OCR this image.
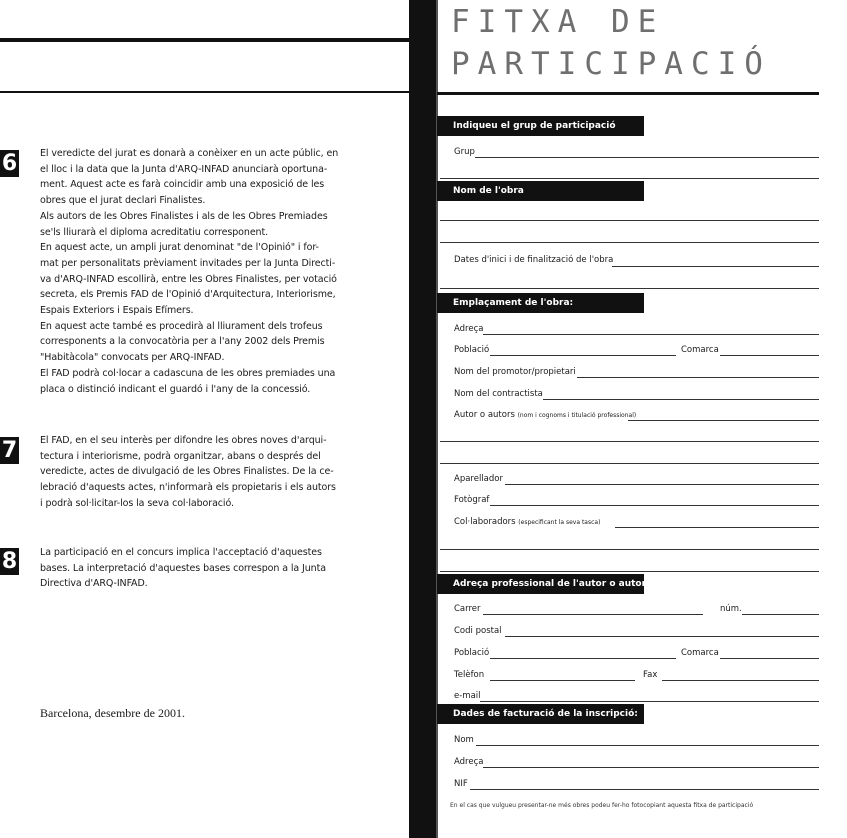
6 El veredicte del jurat es donarà a conèixer en un acte públic, en
el lloc i la data que la Junta d'ARQ-INFAD anunciarà oportuna-
ment. Aquest acte es farà coincidir amb una exposició de les
obres que el jurat declari Finalistes.
Als autors de les Obres Finalistes i als de les Obres Premiades
se'ls lliurarà el diploma acreditatiu corresponent.
En aquest acte, un ampli jurat denominat "de l'Opinió" i for-
mat per personalitats prèviament invitades per la Junta Directi-
va d'ARQ-INFAD escollirà, entre les Obres Finalistes, per votació
secreta, els Premis FAD de l'Opinió d'Arquitectura, Interiorisme,
Espais Exteriors i Espais Efímers.
En aquest acte també es procedirà al lliurament dels trofeus
corresponents a la convocatòria per a l'any 2002 dels Premis
"Habitàcola" convocats per ARQ-INFAD.
El FAD podrà col·locar a cadascuna de les obres premiades una
placa o distinció indicant el guardó i l'any de la concessió.
7 El FAD, en el seu interès per difondre les obres noves d'arqui-
tectura i interiorisme, podrà organitzar, abans o després del
veredicte, actes de divulgació de les Obres Finalistes. De la ce-
lebració d'aquests actes, n'informarà els propietaris i els autors
i podrà sol·licitar-los la seva col·laboració.
8 La participació en el concurs implica l'acceptació d'aquestes
bases. La interpretació d'aquestes bases correspon a la Junta
Directiva d'ARQ-INFAD.
Barcelona, desembre de 2001.
FITXA DE
PARTICIPACIÓ
Indiqueu el grup de participació
Grup
Nom de l'obra
Dates d'inici i de finalització de l'obra
Emplaçament de l'obra:
Adreça
Població	Comarca
Nom del promotor/propietari
Nom del contractista
Autor o autors (nom i cognoms i titulació professional)
Aparellador
Fotògraf
Col·laboradors (especificant la seva tasca)
Adreça professional de l'autor o autors:
Carrer	núm.
Codi postal
Població	Comarca
Telèfon	Fax
e-mail
Dades de facturació de la inscripció:
Nom
Adreça
NIF
En el cas que vulgueu presentar-ne més obres podeu fer-ho fotocopiant aquesta fitxa de participació
